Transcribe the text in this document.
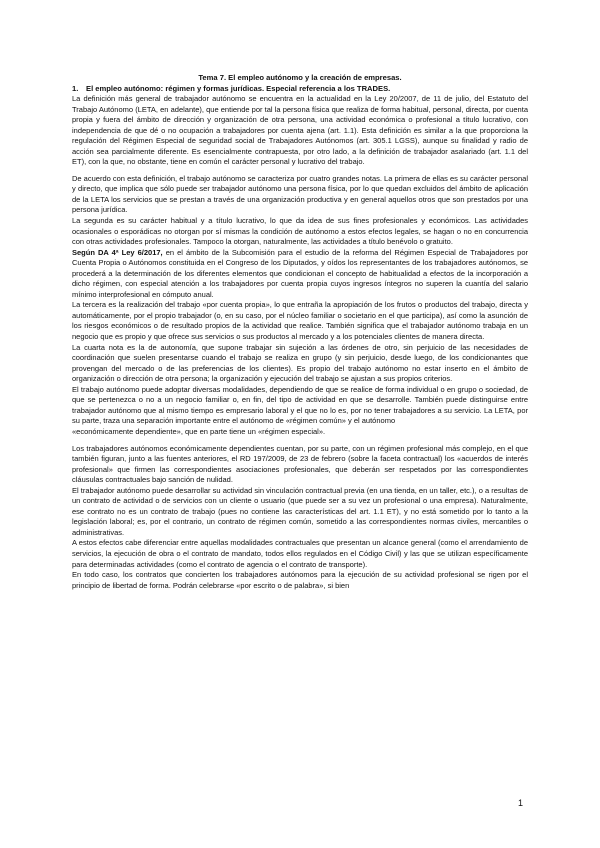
Tema 7. El empleo autónomo y la creación de empresas.
1. El empleo autónomo: régimen y formas jurídicas. Especial referencia a los TRADES.

La definición más general de trabajador autónomo se encuentra en la actualidad en la Ley 20/2007, de 11 de julio, del Estatuto del Trabajo Autónomo (LETA, en adelante), que entiende por tal la persona física que realiza de forma habitual, personal, directa, por cuenta propia y fuera del ámbito de dirección y organización de otra persona, una actividad económica o profesional a título lucrativo, con independencia de que dé o no ocupación a trabajadores por cuenta ajena (art. 1.1). Esta definición es similar a la que proporciona la regulación del Régimen Especial de seguridad social de Trabajadores Autónomos (art. 305.1 LGSS), aunque su finalidad y radio de acción sea parcialmente diferente. Es esencialmente contrapuesta, por otro lado, a la definición de trabajador asalariado (art. 1.1 del ET), con la que, no obstante, tiene en común el carácter personal y lucrativo del trabajo.

De acuerdo con esta definición, el trabajo autónomo se caracteriza por cuatro grandes notas. La primera de ellas es su carácter personal y directo, que implica que sólo puede ser trabajador autónomo una persona física, por lo que quedan excluidos del ámbito de aplicación de la LETA los servicios que se prestan a través de una organización productiva y en general aquellos otros que son prestados por una persona jurídica.

La segunda es su carácter habitual y a título lucrativo, lo que da idea de sus fines profesionales y económicos. Las actividades ocasionales o esporádicas no otorgan por sí mismas la condición de autónomo a estos efectos legales, se hagan o no en concurrencia con otras actividades profesionales. Tampoco la otorgan, naturalmente, las actividades a título benévolo o gratuito.

Según DA 4ª Ley 6/2017, en el ámbito de la Subcomisión para el estudio de la reforma del Régimen Especial de Trabajadores por Cuenta Propia o Autónomos constituida en el Congreso de los Diputados, y oídos los representantes de los trabajadores autónomos, se procederá a la determinación de los diferentes elementos que condicionan el concepto de habitualidad a efectos de la incorporación a dicho régimen, con especial atención a los trabajadores por cuenta propia cuyos ingresos íntegros no superen la cuantía del salario mínimo interprofesional en cómputo anual.

La tercera es la realización del trabajo «por cuenta propia», lo que entraña la apropiación de los frutos o productos del trabajo, directa y automáticamente, por el propio trabajador (o, en su caso, por el núcleo familiar o societario en el que participa), así como la asunción de los riesgos económicos o de resultado propios de la actividad que realice. También significa que el trabajador autónomo trabaja en un negocio que es propio y que ofrece sus servicios o sus productos al mercado y a los potenciales clientes de manera directa.

La cuarta nota es la de autonomía, que supone trabajar sin sujeción a las órdenes de otro, sin perjuicio de las necesidades de coordinación que suelen presentarse cuando el trabajo se realiza en grupo (y sin perjuicio, desde luego, de los condicionantes que provengan del mercado o de las preferencias de los clientes). Es propio del trabajo autónomo no estar inserto en el ámbito de organización o dirección de otra persona; la organización y ejecución del trabajo se ajustan a sus propios criterios.

El trabajo autónomo puede adoptar diversas modalidades, dependiendo de que se realice de forma individual o en grupo o sociedad, de que se pertenezca o no a un negocio familiar o, en fin, del tipo de actividad en que se desarrolle. También puede distinguirse entre trabajador autónomo que al mismo tiempo es empresario laboral y el que no lo es, por no tener trabajadores a su servicio. La LETA, por su parte, traza una separación importante entre el autónomo de «régimen común» y el autónomo

«económicamente dependiente», que en parte tiene un «régimen especial».

Los trabajadores autónomos económicamente dependientes cuentan, por su parte, con un régimen profesional más complejo, en el que también figuran, junto a las fuentes anteriores, el RD 197/2009, de 23 de febrero (sobre la faceta contractual) los «acuerdos de interés profesional» que firmen las correspondientes asociaciones profesionales, que deberán ser respetados por las correspondientes cláusulas contractuales bajo sanción de nulidad.

El trabajador autónomo puede desarrollar su actividad sin vinculación contractual previa (en una tienda, en un taller, etc.), o a resultas de un contrato de actividad o de servicios con un cliente o usuario (que puede ser a su vez un profesional o una empresa). Naturalmente, ese contrato no es un contrato de trabajo (pues no contiene las características del art. 1.1 ET), y no está sometido por lo tanto a la legislación laboral; es, por el contrario, un contrato de régimen común, sometido a las correspondientes normas civiles, mercantiles o administrativas.

A estos efectos cabe diferenciar entre aquellas modalidades contractuales que presentan un alcance general (como el arrendamiento de servicios, la ejecución de obra o el contrato de mandato, todos ellos regulados en el Código Civil) y las que se utilizan específicamente para determinadas actividades (como el contrato de agencia o el contrato de transporte).

En todo caso, los contratos que concierten los trabajadores autónomos para la ejecución de su actividad profesional se rigen por el principio de libertad de forma. Podrán celebrarse «por escrito o de palabra», si bien

1
